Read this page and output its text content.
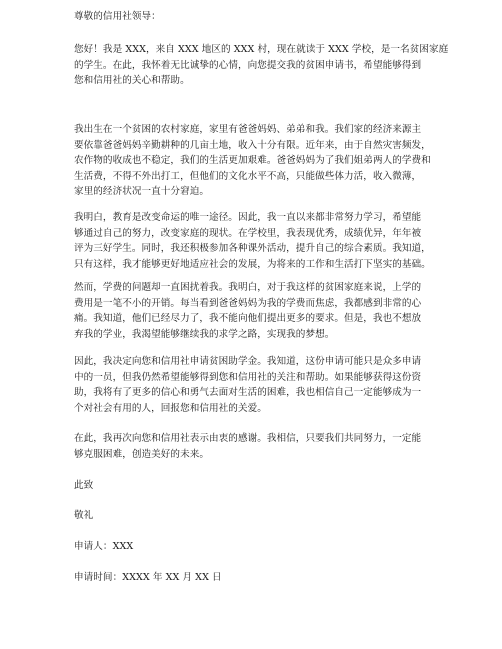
尊敬的信用社领导：

您好！我是 XXX，来自 XXX 地区的 XXX 村，现在就读于 XXX 学校，是一名贫困家庭
的学生。在此，我怀着无比诚挚的心情，向您提交我的贫困申请书，希望能够得到
您和信用社的关心和帮助。

我出生在一个贫困的农村家庭，家里有爸爸妈妈、弟弟和我。我们家的经济来源主
要依靠爸爸妈妈辛勤耕种的几亩土地，收入十分有限。近年来，由于自然灾害频发，
农作物的收成也不稳定，我们的生活更加艰难。爸爸妈妈为了我们姐弟两人的学费和
生活费，不得不外出打工，但他们的文化水平不高，只能做些体力活，收入微薄，
家里的经济状况一直十分窘迫。

我明白，教育是改变命运的唯一途径。因此，我一直以来都非常努力学习，希望能
够通过自己的努力，改变家庭的现状。在学校里，我表现优秀，成绩优异，年年被
评为三好学生。同时，我还积极参加各种课外活动，提升自己的综合素质。我知道，
只有这样，我才能够更好地适应社会的发展，为将来的工作和生活打下坚实的基础。

然而，学费的问题却一直困扰着我。我明白，对于我这样的贫困家庭来说，上学的
费用是一笔不小的开销。每当看到爸爸妈妈为我的学费而焦虑，我都感到非常的心
痛。我知道，他们已经尽力了，我不能向他们提出更多的要求。但是，我也不想放
弃我的学业，我渴望能够继续我的求学之路，实现我的梦想。

因此，我决定向您和信用社申请贫困助学金。我知道，这份申请可能只是众多申请
中的一员，但我仍然希望能够得到您和信用社的关注和帮助。如果能够获得这份资
助，我将有了更多的信心和勇气去面对生活的困难，我也相信自己一定能够成为一
个对社会有用的人，回报您和信用社的关爱。

在此，我再次向您和信用社表示由衷的感谢。我相信，只要我们共同努力，一定能
够克服困难，创造美好的未来。

此致

敬礼

申请人：XXX

申请时间：XXXX 年 XX 月 XX 日
